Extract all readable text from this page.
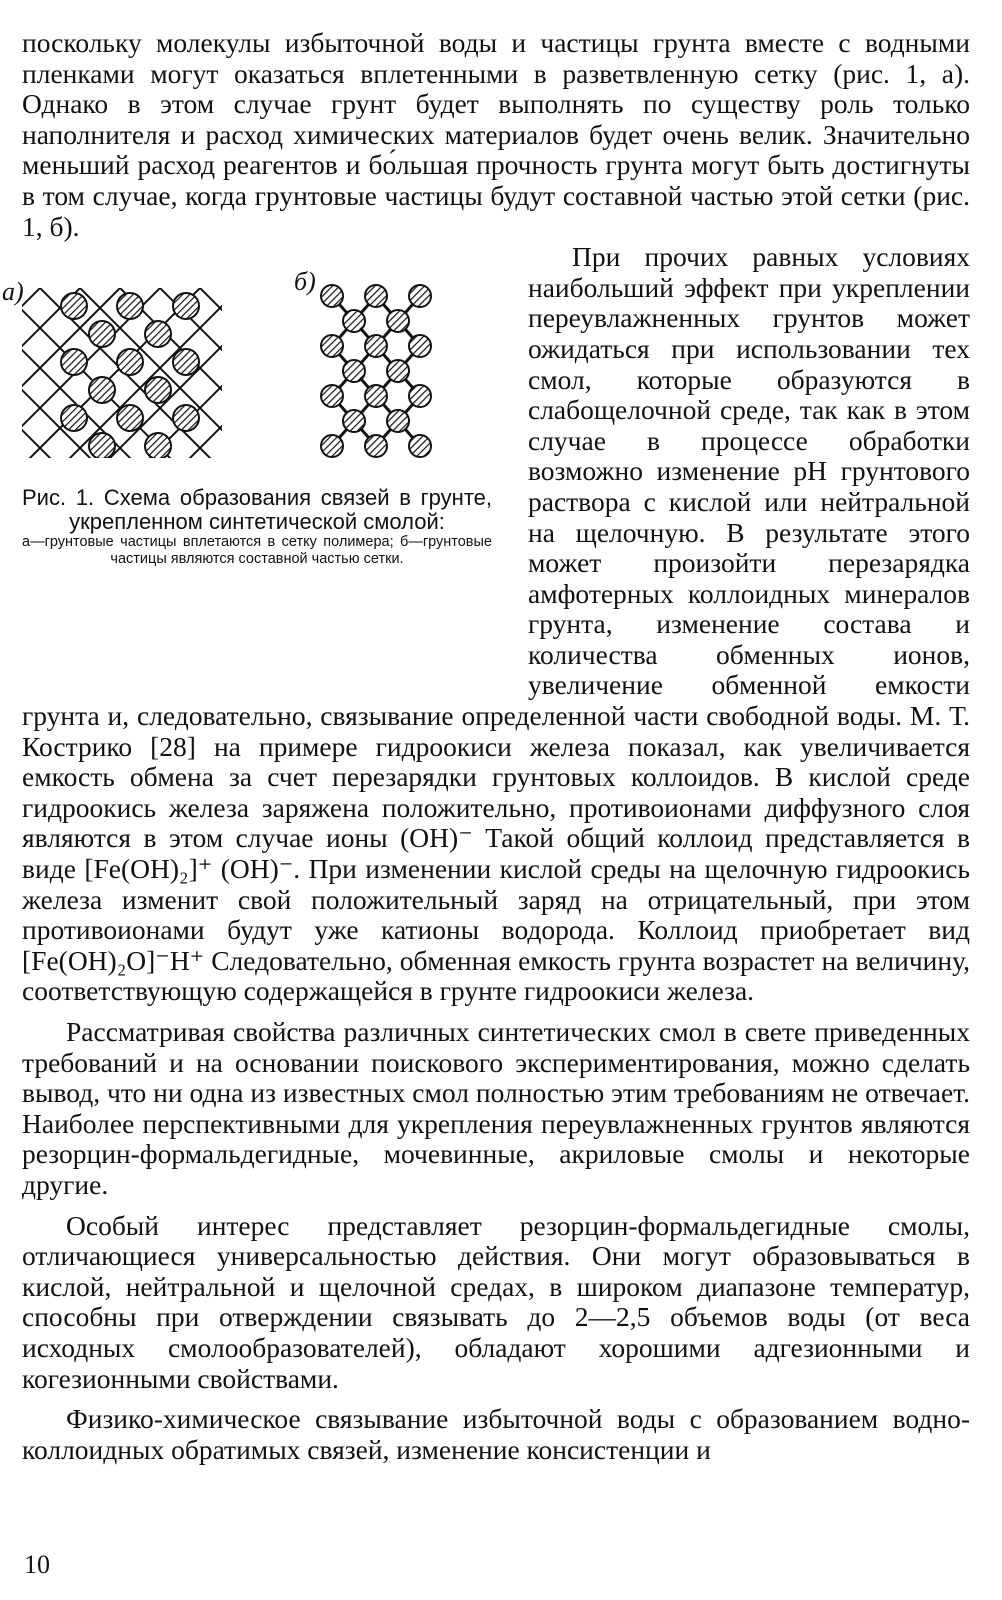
поскольку молекулы избыточной воды и частицы грунта вместе с водными пленками могут оказаться вплетенными в разветвленную сетку (рис. 1, а). Однако в этом случае грунт будет выполнять по существу роль только наполнителя и расход химических материалов будет очень велик. Значительно меньший расход реагентов и бо́льшая прочность грунта могут быть достигнуты в том случае, когда грунтовые частицы будут составной частью этой сетки (рис. 1, б).

а)	б)

Рис. 1. Схема образования связей в грунте, укрепленном синтетической смолой:

а—грунтовые частицы вплетаются в сетку полимера; б—грунтовые частицы являются составной частью сетки.

При прочих равных условиях наибольший эффект при укреплении переувлажненных грунтов может ожидаться при использовании тех смол, которые образуются в слабощелочной среде, так как в этом случае в процессе обработки возможно изменение pH грунтового раствора с кислой или нейтральной на щелочную. В результате этого может произойти перезарядка амфотерных коллоидных минералов грунта, изменение состава и количества обменных ионов, увеличение обменной емкости грунта и, следовательно, связывание определенной части свободной воды. М. Т. Кострико [28] на примере гидроокиси железа показал, как увеличивается емкость обмена за счет перезарядки грунтовых коллоидов. В кислой среде гидроокись железа заряжена положительно, противоионами диффузного слоя являются в этом случае ионы (OH)⁻ Такой общий коллоид представляется в виде [Fe(OH)₂]⁺ (OH)⁻. При изменении кислой среды на щелочную гидроокись железа изменит свой положительный заряд на отрицательный, при этом противоионами будут уже катионы водорода. Коллоид приобретает вид [Fe(OH)₂O]⁻H⁺ Следовательно, обменная емкость грунта возрастет на величину, соответствующую содержащейся в грунте гидроокиси железа.

Рассматривая свойства различных синтетических смол в свете приведенных требований и на основании поискового экспериментирования, можно сделать вывод, что ни одна из известных смол полностью этим требованиям не отвечает. Наиболее перспективными для укрепления переувлажненных грунтов являются резорцин-формальдегидные, мочевинные, акриловые смолы и некоторые другие.

Особый интерес представляет резорцин-формальдегидные смолы, отличающиеся универсальностью действия. Они могут образовываться в кислой, нейтральной и щелочной средах, в широком диапазоне температур, способны при отверждении связывать до 2—2,5 объемов воды (от веса исходных смолообразователей), обладают хорошими адгезионными и когезионными свойствами.

Физико-химическое связывание избыточной воды с образованием водно-коллоидных обратимых связей, изменение консистенции и

10
